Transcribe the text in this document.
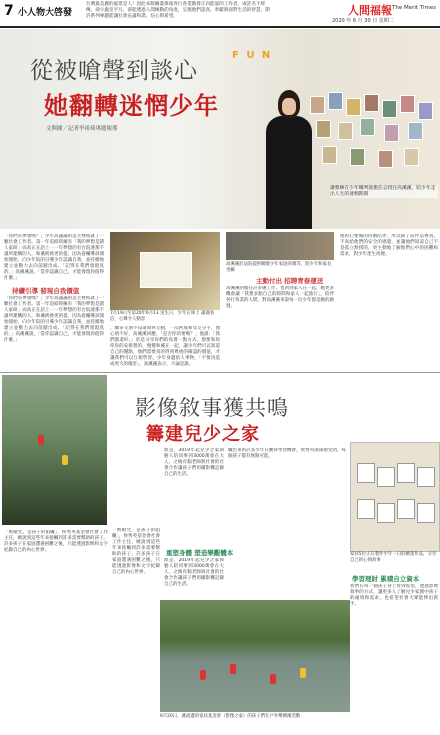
7 小人物大啓發
台灣最美麗的風景是人！因此本版圖畫偉報各行各業散發正向能量的工作者，或許名不經傳，卻小蟲室平凡，卻能透過人間擁動的角度，呈現他們認真、奉獻與面對生活的智慧，期許系列專題能讓社會充滿和諧、信心與希望。	人間福報 The Merit Times
2020 年 6 月 30 日 星期二
F U N
從被嗆聲到談心
她翻轉迷惘少年
文與圖／記者李祖琦專題報導
蕭雅娴在少年輔判庭擔任志授任高溪溪，陪少年走出人生的迷惘期間
「你們有夢想嗎？」少年高議議的這主裡結就了一顆社會工作者。第一年追結時擁有「我的夢想是讀人家研」而高正在語上一一年夢想的有台院連那不滿所建構的人，和溪被被更的提，因為從輔導員開始開始，向少年院的引導少年認識自我，並持續地建立並動力去向前踏出成。「記得在我們發現真的，」高溪溪說，「當你認識自己，才能發現你值得什麼。」
持續引導 發現自我價值
「你們有夢想嗎？」少年高議議的這主裡結就了一顆社會工作者。第一年追結時擁有「我的夢想是讀人家研」而高正在語上一一年夢想的有台院連那不滿所建構的人，和溪被被更的提，因為從輔導員開始開始，向少年院的引導少年認識自我，並持續地建立並動力去向前踏出成。「記得在我們發現真的，」高溪溪說，「當你認識自己，才能發現你值得什麼。」
7月19日至第20年6月13 送生日，少年在庫上 滿滿看信，心聲令人動容
，願多交朋不知道如何互動，一次阿成和女友分手，他心情不好，高溪溪回應，「是否你的要嗎？」他說：「我們都還好。」於是分享你們的真實一點方式，想要和你你你的安排想的，慢慢和溪在一起，讓少年們可以知道自己的優點，他們需要真的得到尊重的確認的價值，才讓我們可以互相學習。少年身邊的人事物，「不要再造成更大的傷害」，高溪溪表示，不論是誰。
高溪溪於法院提供關懷少年家庭的幾等，陪少年和家長坐聯
主動付出 招聘青春運送
高溪溪的擔任許多處工作，也回到家人在一起，她更多機會讓「我想多點自己的時間和家人一起旅行」，陪伴各行各業的人間，對高溪溪來說每一位少年都是她的啟發。
理的心要做的持續陪伴，所以除了陪伴這裡真，不高給他們的安全的感覺，並讓他們知道自己不是孤立無援的，更主動地了解他們心中的困難和需求，對少年產生改變。
影像敘事獲共鳴
籌建兒少之家
「被嗆咒，是孩子的阻礙」，侯秀英基金會社會工作主任，她說到這些年來接觸到許多需要幫助的孩子。許多孩子在家庭遭遇困難之後，只能透過影像和文字紀錄自己的內心世界。
「被嗆咒，是孩子的阻礙」，侯秀英基金會社會工作主任，她說到這些年來接觸到許多需要幫助的孩子。許多孩子在家庭遭遇困難之後，只能透過影像和文字紀錄自己的內心世界。
派是，2019年起兒少之家與藝人陪同事到3000萬會在大人，之後有個老師與社會的社會合作讓孩子們用攝影機記錄自己的生活。
重塑身體 塑造樂觀體本
派是，2019年起兒少之家與藝人陪同事到3000萬會在大人，之後有個老師與社會的社會合作讓孩子們用攝影機記錄自己的生活。
爛出來的許多少年在獲得學習機會，侯秀英深深感受到，每個孩子都有無限可能。
6月20日，溪流邊的家扶基金會（影像之家）的孩子們在戶外攀溯溪活動
家扶5位正在製作少年一日的繪畫作品，分享自己的心情故事
學習理財 累積自立資本
我們在每一個孩子身上看到希望，透過影像敘事的方式，讓更多人了解兒少家園中孩子的處境和需求，也希望社會大眾能伸出援手。
